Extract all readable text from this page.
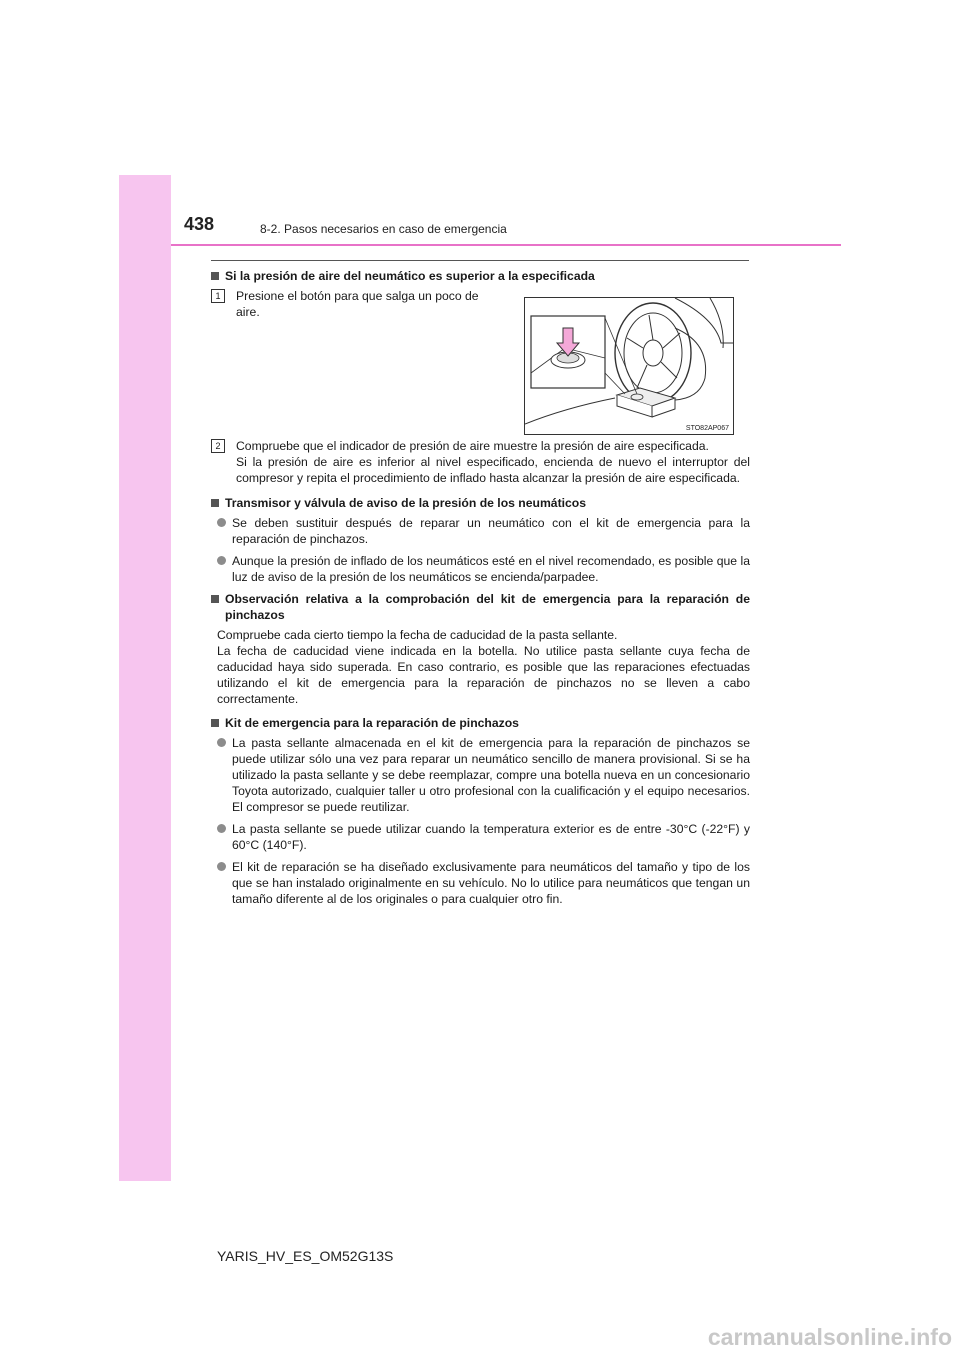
438	8-2. Pasos necesarios en caso de emergencia
Si la presión de aire del neumático es superior a la especificada
1	Presione el botón para que salga un poco de aire.
2	Compruebe que el indicador de presión de aire muestre la presión de aire especificada.
Si la presión de aire es inferior al nivel especificado, encienda de nuevo el interruptor del compresor y repita el procedimiento de inflado hasta alcanzar la presión de aire especificada.
Transmisor y válvula de aviso de la presión de los neumáticos
Se deben sustituir después de reparar un neumático con el kit de emergencia para la reparación de pinchazos.
Aunque la presión de inflado de los neumáticos esté en el nivel recomendado, es posible que la luz de aviso de la presión de los neumáticos se encienda/parpadee.
Observación relativa a la comprobación del kit de emergencia para la reparación de pinchazos
Compruebe cada cierto tiempo la fecha de caducidad de la pasta sellante.
La fecha de caducidad viene indicada en la botella. No utilice pasta sellante cuya fecha de caducidad haya sido superada. En caso contrario, es posible que las reparaciones efectuadas utilizando el kit de emergencia para la reparación de pinchazos no se lleven a cabo correctamente.
Kit de emergencia para la reparación de pinchazos
La pasta sellante almacenada en el kit de emergencia para la reparación de pinchazos se puede utilizar sólo una vez para reparar un neumático sencillo de manera provisional. Si se ha utilizado la pasta sellante y se debe reemplazar, compre una botella nueva en un concesionario Toyota autorizado, cualquier taller u otro profesional con la cualificación y el equipo necesarios. El compresor se puede reutilizar.
La pasta sellante se puede utilizar cuando la temperatura exterior es de entre -30°C (-22°F) y 60°C (140°F).
El kit de reparación se ha diseñado exclusivamente para neumáticos del tamaño y tipo de los que se han instalado originalmente en su vehículo. No lo utilice para neumáticos que tengan un tamaño diferente al de los originales o para cualquier otro fin.
STO82AP067
YARIS_HV_ES_OM52G13S
carmanualsonline.info
